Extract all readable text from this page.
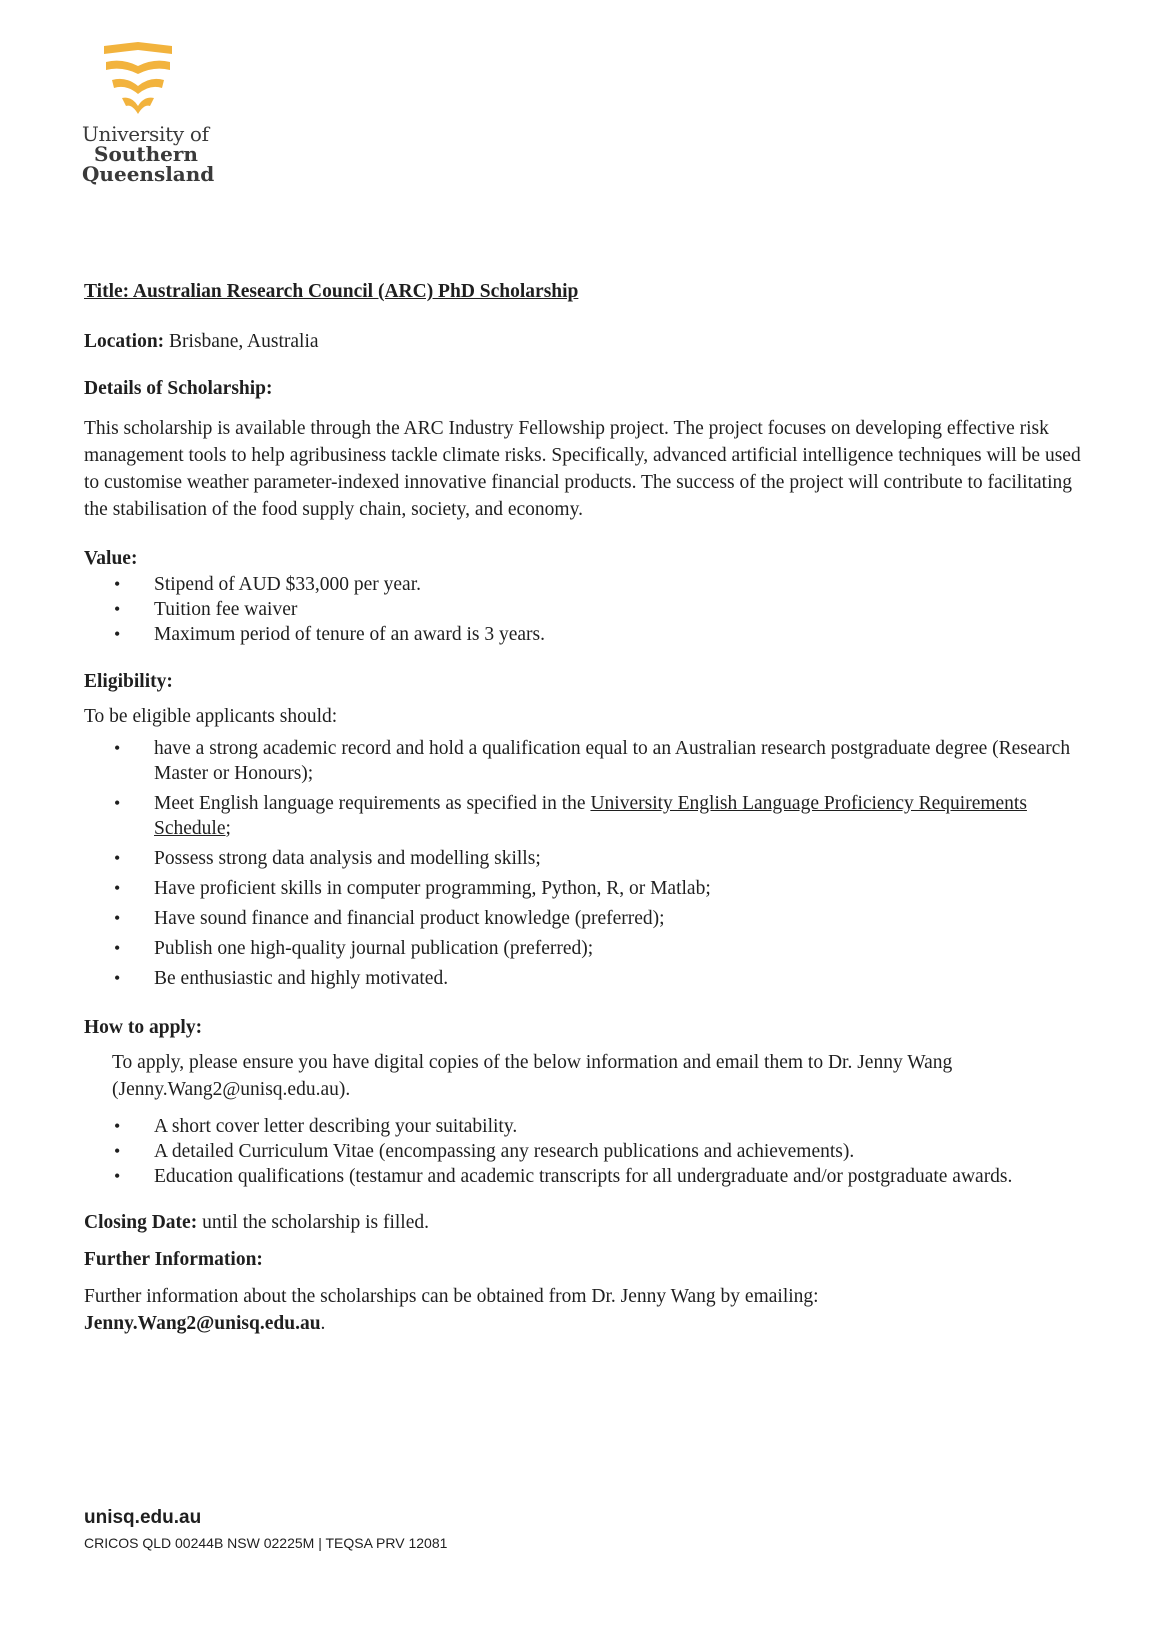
University of
Southern
Queensland

Title: Australian Research Council (ARC) PhD Scholarship

Location: Brisbane, Australia

Details of Scholarship:

This scholarship is available through the ARC Industry Fellowship project. The project focuses on developing effective risk management tools to help agribusiness tackle climate risks. Specifically, advanced artificial intelligence techniques will be used to customise weather parameter-indexed innovative financial products. The success of the project will contribute to facilitating the stabilisation of the food supply chain, society, and economy.

Value:

• Stipend of AUD $33,000 per year.
• Tuition fee waiver
• Maximum period of tenure of an award is 3 years.

Eligibility:

To be eligible applicants should:

• have a strong academic record and hold a qualification equal to an Australian research postgraduate degree (Research Master or Honours);
• Meet English language requirements as specified in the University English Language Proficiency Requirements Schedule;
• Possess strong data analysis and modelling skills;
• Have proficient skills in computer programming, Python, R, or Matlab;
• Have sound finance and financial product knowledge (preferred);
• Publish one high-quality journal publication (preferred);
• Be enthusiastic and highly motivated.

How to apply:

To apply, please ensure you have digital copies of the below information and email them to Dr. Jenny Wang (Jenny.Wang2@unisq.edu.au).

• A short cover letter describing your suitability.
• A detailed Curriculum Vitae (encompassing any research publications and achievements).
• Education qualifications (testamur and academic transcripts for all undergraduate and/or postgraduate awards.

Closing Date: until the scholarship is filled.

Further Information:

Further information about the scholarships can be obtained from Dr. Jenny Wang by emailing:

Jenny.Wang2@unisq.edu.au.

unisq.edu.au
CRICOS QLD 00244B NSW 02225M | TEQSA PRV 12081
